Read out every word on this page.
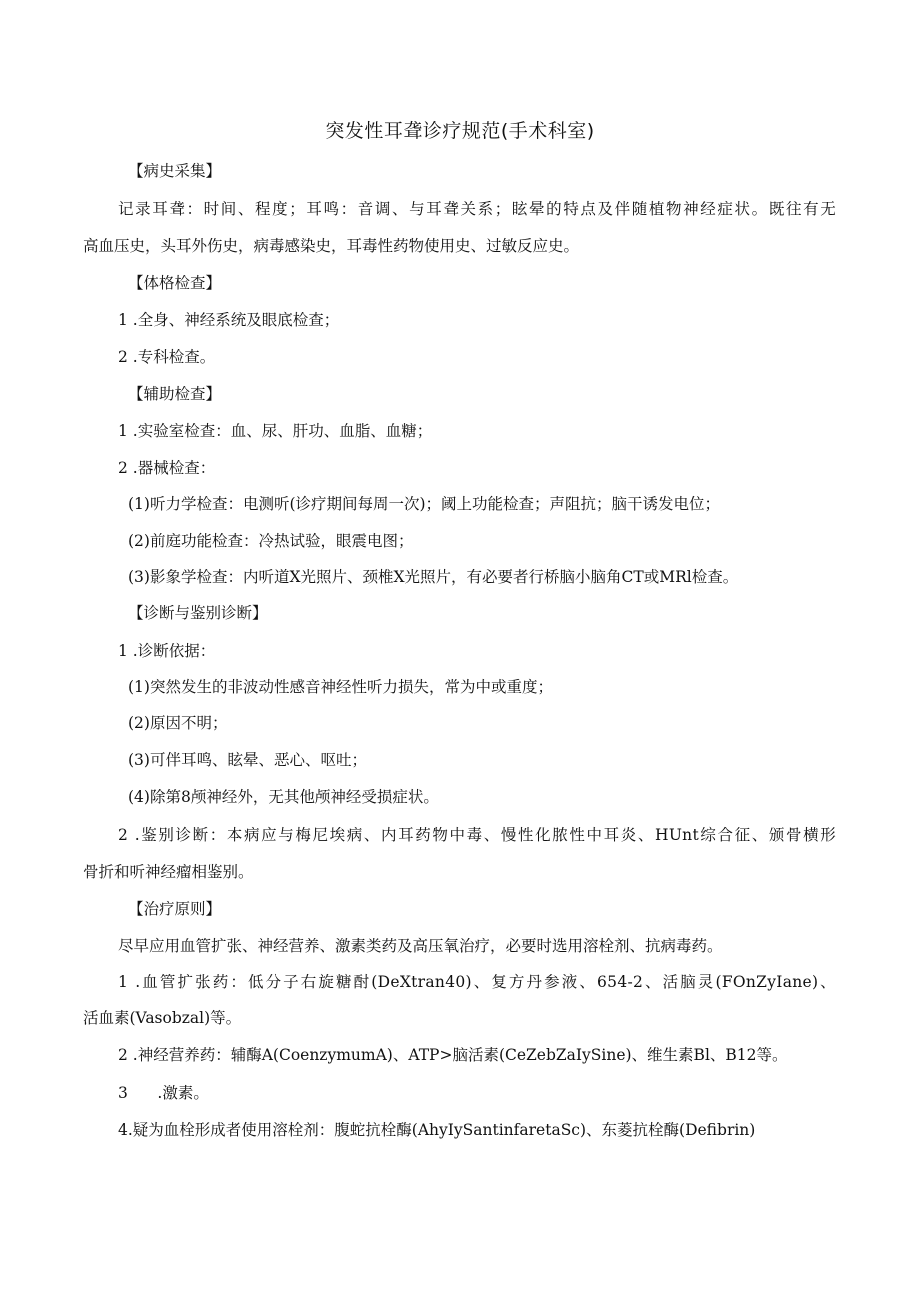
突发性耳聋诊疗规范(手术科室)
【病史采集】
记录耳聋：时间、程度；耳鸣：音调、与耳聋关系；眩晕的特点及伴随植物神经症状。既往有无
高血压史，头耳外伤史，病毒感染史，耳毒性药物使用史、过敏反应史。
【体格检查】
1 .全身、神经系统及眼底检查；
2 .专科检查。
【辅助检查】
1 .实验室检查：血、尿、肝功、血脂、血糖；
2 .器械检查：
(1)听力学检查：电测听(诊疗期间每周一次)；阈上功能检查；声阻抗；脑干诱发电位；
(2)前庭功能检查：冷热试验，眼震电图；
(3)影象学检查：内听道X光照片、颈椎X光照片，有必要者行桥脑小脑角CT或MRl检查。
【诊断与鉴别诊断】
1 .诊断依据：
(1)突然发生的非波动性感音神经性听力损失，常为中或重度；
(2)原因不明；
(3)可伴耳鸣、眩晕、恶心、呕吐；
(4)除第8颅神经外，无其他颅神经受损症状。
2 .鉴别诊断：本病应与梅尼埃病、内耳药物中毒、慢性化脓性中耳炎、HUnt综合征、颁骨横形
骨折和听神经瘤相鉴别。
【治疗原则】
尽早应用血管扩张、神经营养、激素类药及高压氧治疗，必要时选用溶栓剂、抗病毒药。
1 .血管扩张药：低分子右旋糖酎(DeXtran40)、复方丹参液、654-2、活脑灵(FOnZyIane)、
活血素(Vasobzal)等。
2 .神经营养药：辅酶A(CoenzymumA)、ATP>脑活素(CeZebZaIySine)、维生素Bl、B12等。
3      .激素。
4.疑为血栓形成者使用溶栓剂：腹蛇抗栓酶(AhyIySantinfaretaSc)、东菱抗栓酶(Defibrin)
